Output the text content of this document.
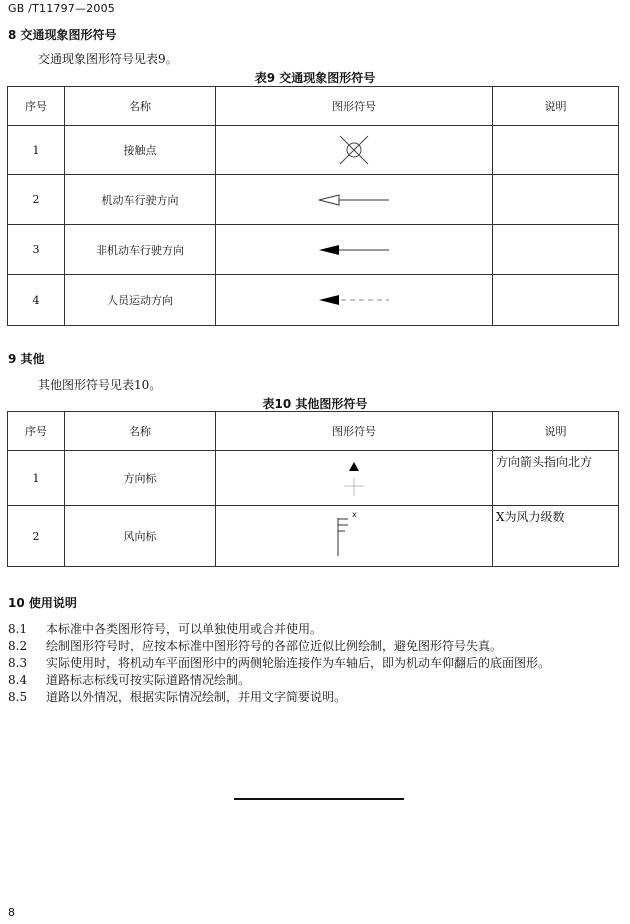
GB /T11797—2005
8 交通现象图形符号
交通现象图形符号见表9。
表9 交通现象图形符号
序号	名称	图形符号	说明
1	接触点	

2	机动车行驶方向	

3	非机动车行驶方向	

4	人员运动方向	

9 其他
其他图形符号见表10。
表10 其他图形符号
序号	名称	图形符号	说明
1	方向标		方向箭头指向北方
2	风向标	x	X为风力级数
10 使用说明
8.1 本标准中各类图形符号，可以单独使用或合并使用。
8.2 绘制图形符号时，应按本标准中图形符号的各部位近似比例绘制，避免图形符号失真。
8.3 实际使用时，将机动车平面图形中的两侧轮胎连接作为车轴后，即为机动车仰翻后的底面图形。
8.4 道路标志标线可按实际道路情况绘制。
8.5 道路以外情况，根据实际情况绘制，并用文字简要说明。
8
